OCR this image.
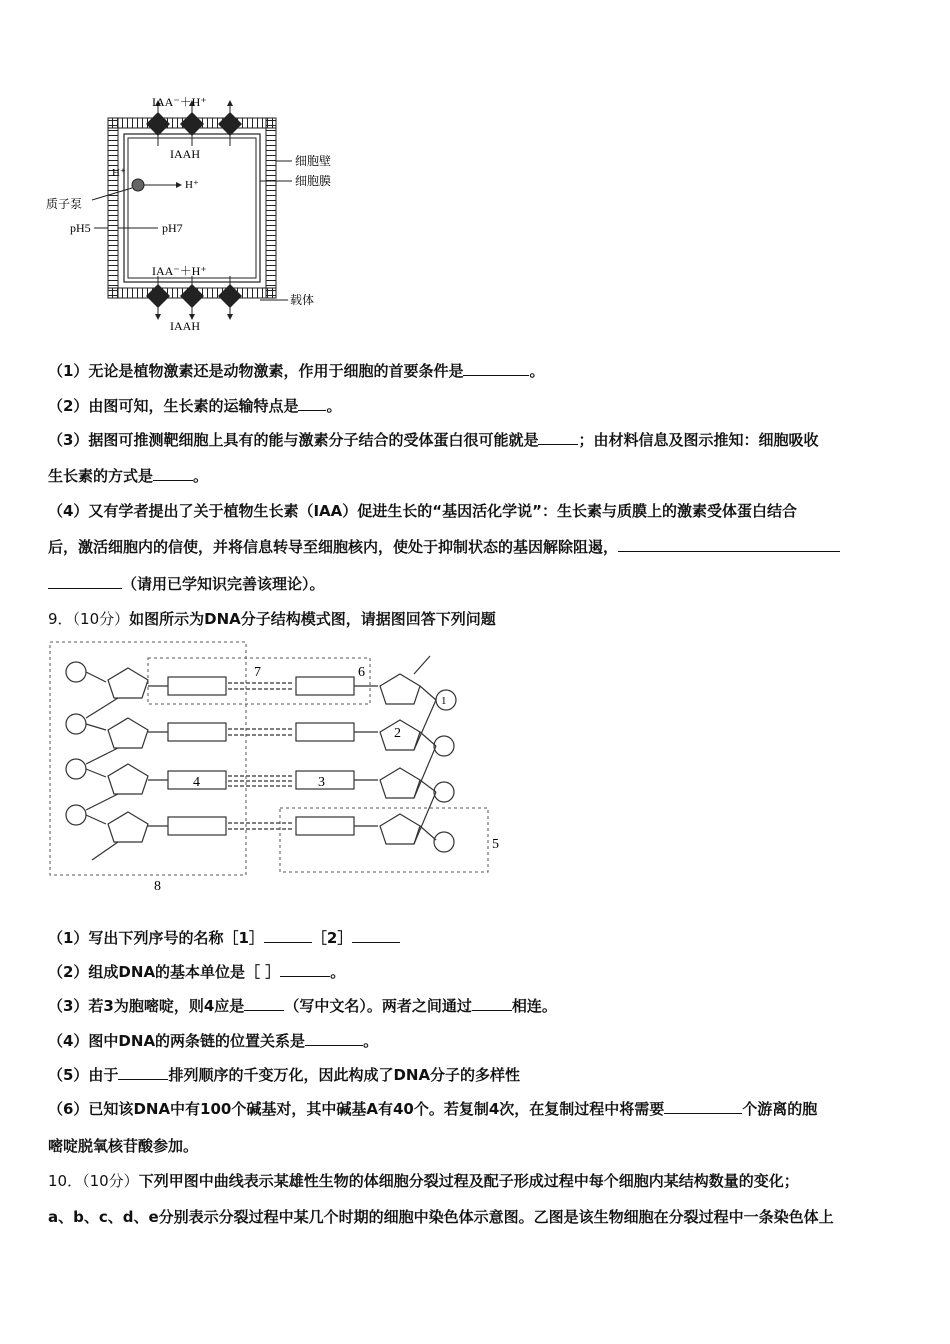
IAA⁻＋H⁺
IAAH
H⁺
H⁺
质子泵
pH5	pH7
IAA⁻＋H⁺
IAAH
细胞壁
细胞膜
载体
（1）无论是植物激素还是动物激素，作用于细胞的首要条件是	。
（2）由图可知，生长素的运输特点是 。
（3）据图可推测靶细胞上具有的能与激素分子结合的受体蛋白很可能就是	；由材料信息及图示推知：细胞吸收
生长素的方式是	。
（4）又有学者提出了关于植物生长素（IAA）促进生长的“基因活化学说”：生长素与质膜上的激素受体蛋白结合
后，激活细胞内的信使，并将信息转导至细胞核内，使处于抑制状态的基因解除阻遏，
（请用已学知识完善该理论）。
9．（10分）如图所示为DNA分子结构模式图，请据图回答下列问题
1
2
3
4
5
6
7
8
（1）写出下列序号的名称［1］	［2］
（2）组成DNA的基本单位是［ ］	。
（3）若3为胞嘧啶，则4应是	（写中文名）。两者之间通过	相连。
（4）图中DNA的两条链的位置关系是	。
（5）由于	排列顺序的千变万化，因此构成了DNA分子的多样性
（6）已知该DNA中有100个碱基对，其中碱基A有40个。若复制4次，在复制过程中将需要	个游离的胞
嘧啶脱氧核苷酸参加。
10．（10分）下列甲图中曲线表示某雄性生物的体细胞分裂过程及配子形成过程中每个细胞内某结构数量的变化；
a、b、c、d、e分别表示分裂过程中某几个时期的细胞中染色体示意图。乙图是该生物细胞在分裂过程中一条染色体上
